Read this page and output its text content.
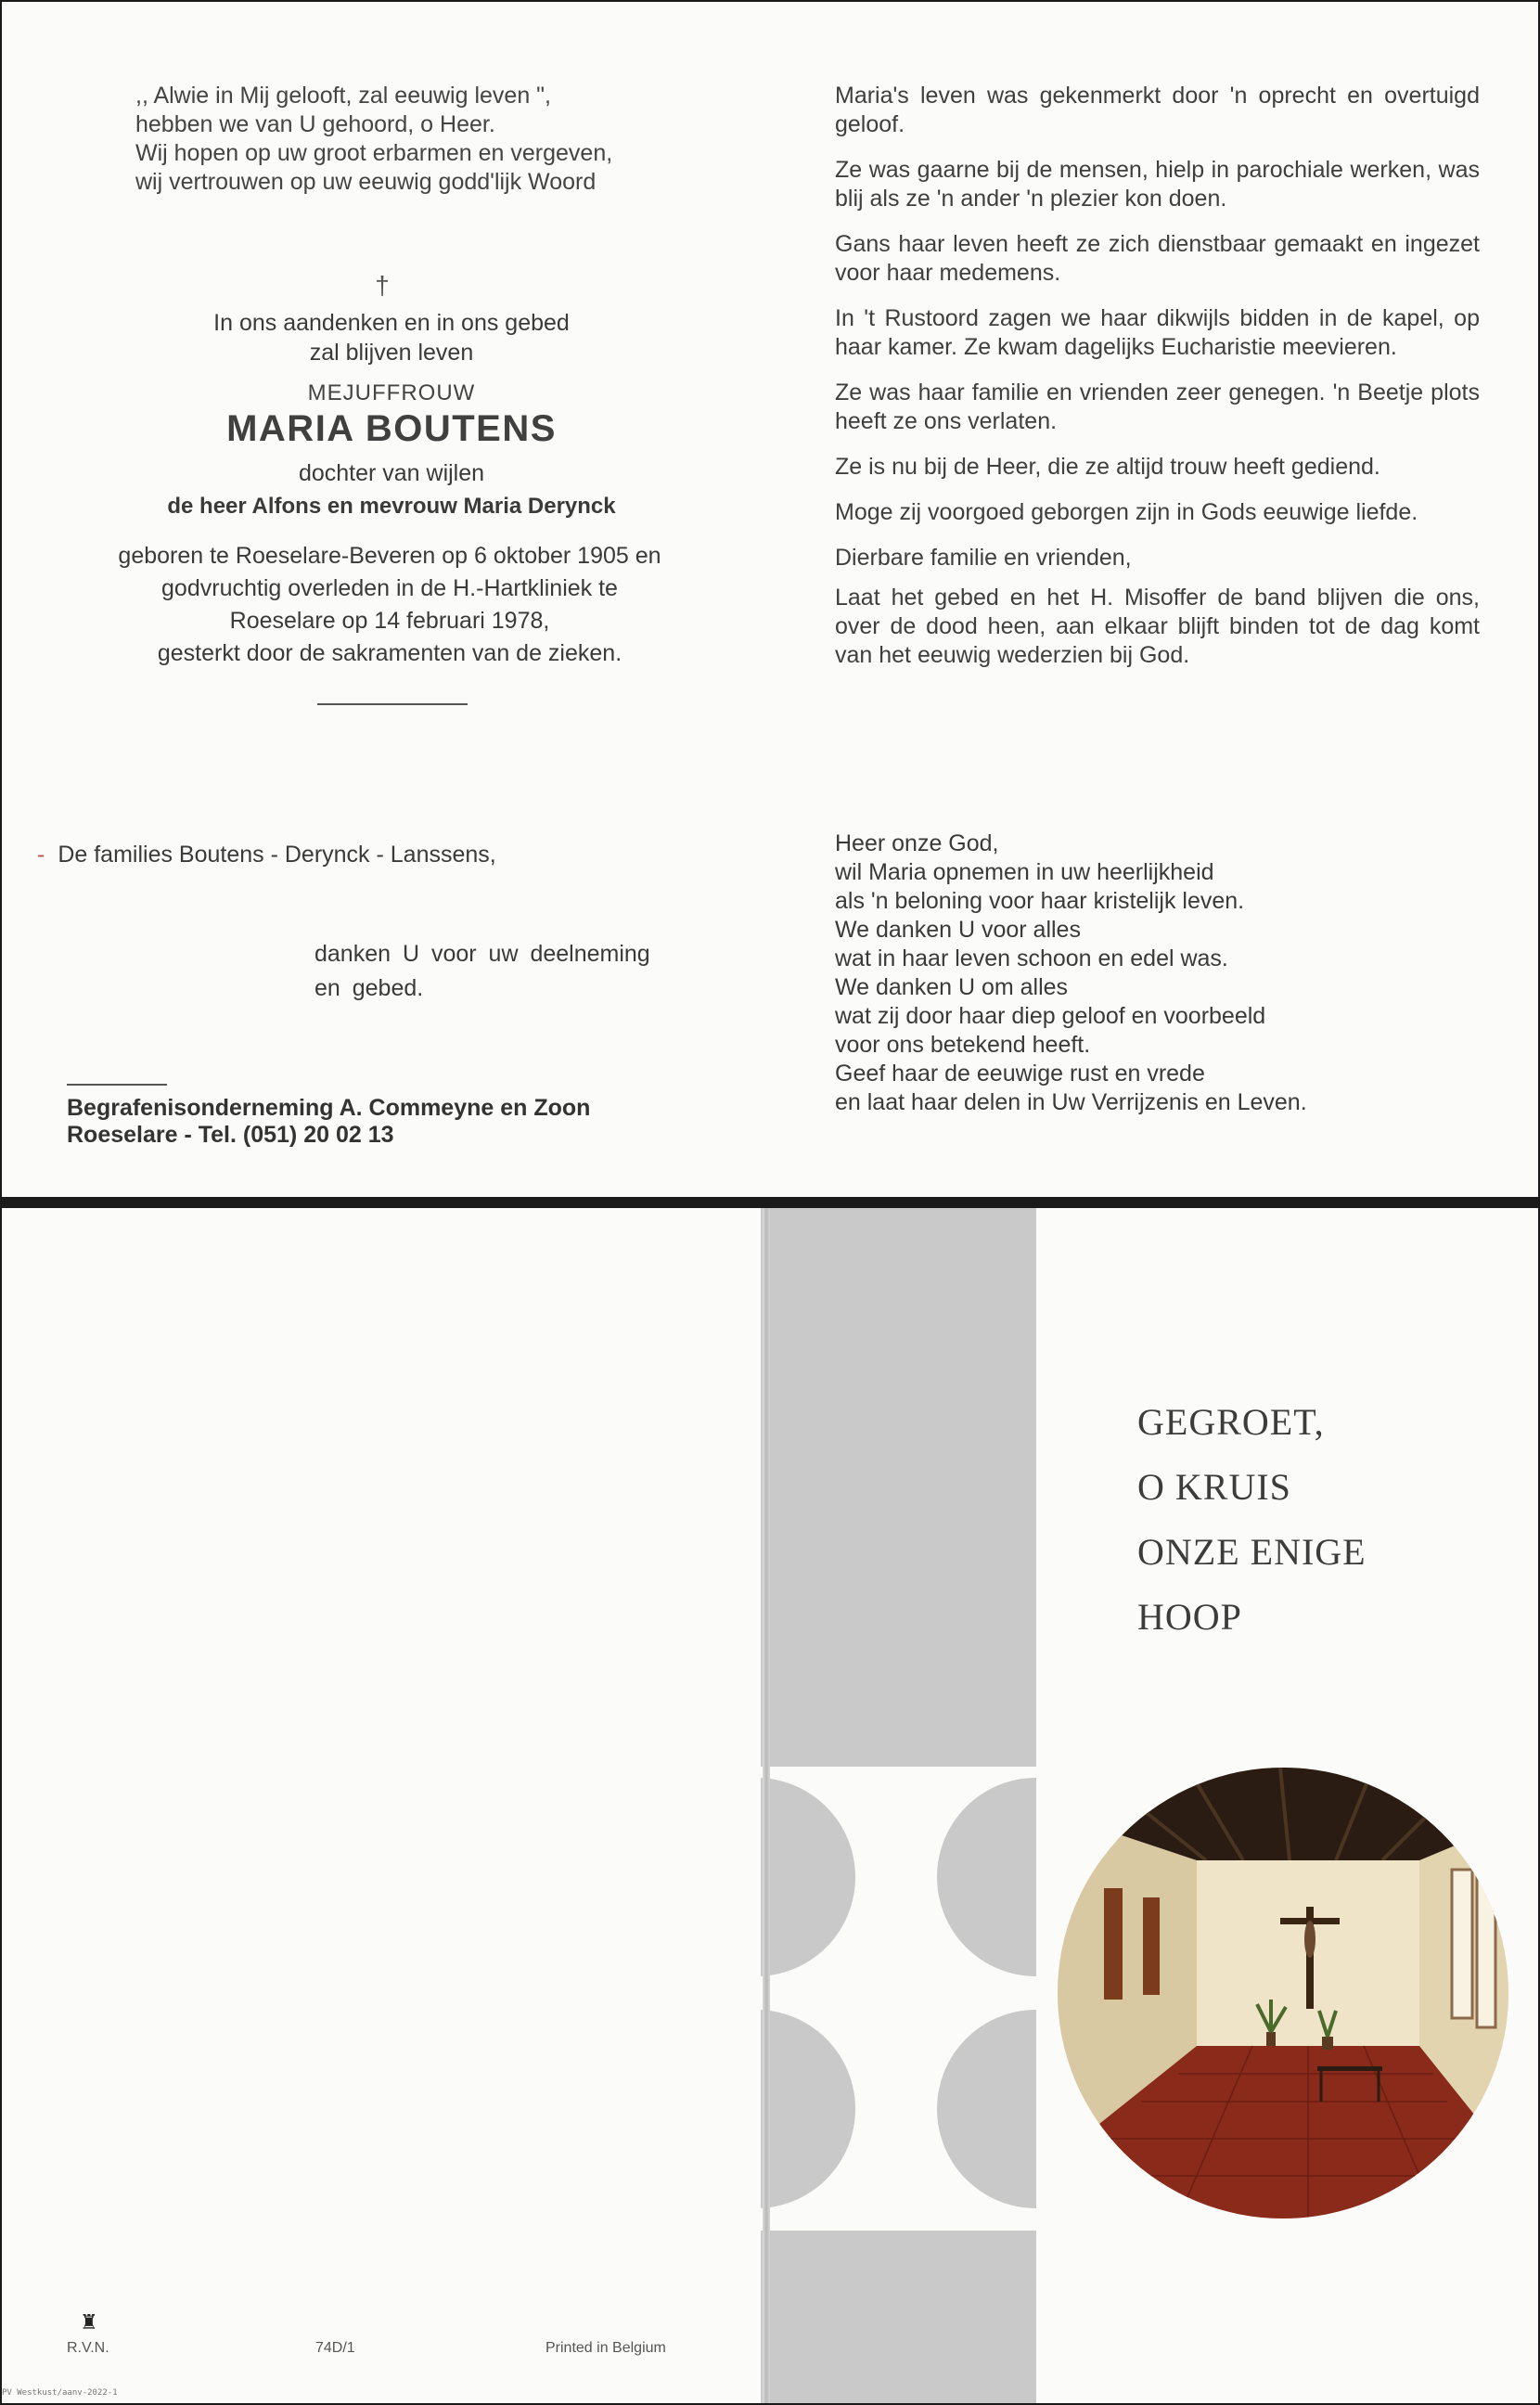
,, Alwie in Mij gelooft, zal eeuwig leven ",
hebben we van U gehoord, o Heer.
Wij hopen op uw groot erbarmen en vergeven,
wij vertrouwen op uw eeuwig godd'lijk Woord
†
In ons aandenken en in ons gebed
zal blijven leven
MEJUFFROUW
MARIA BOUTENS
dochter van wijlen
de heer Alfons en mevrouw Maria Derynck
geboren te Roeselare-Beveren op 6 oktober 1905 en
godvruchtig overleden in de H.-Hartkliniek te
Roeselare op 14 februari 1978,
gesterkt door de sakramenten van de zieken.
- De families Boutens - Derynck - Lanssens,
danken U voor uw deelneming
en gebed.
Begrafenisonderneming A. Commeyne en Zoon
Roeselare - Tel. (051) 20 02 13

Maria's leven was gekenmerkt door 'n oprecht en overtuigd geloof.

Ze was gaarne bij de mensen, hielp in parochiale werken, was blij als ze 'n ander 'n plezier kon doen.

Gans haar leven heeft ze zich dienstbaar gemaakt en ingezet voor haar medemens.

In 't Rustoord zagen we haar dikwijls bidden in de kapel, op haar kamer. Ze kwam dagelijks Eucharistie meevieren.

Ze was haar familie en vrienden zeer genegen. 'n Beetje plots heeft ze ons verlaten.

Ze is nu bij de Heer, die ze altijd trouw heeft gediend.

Moge zij voorgoed geborgen zijn in Gods eeuwige liefde.

Dierbare familie en vrienden,

Laat het gebed en het H. Misoffer de band blijven die ons, over de dood heen, aan elkaar blijft binden tot de dag komt van het eeuwig wederzien bij God.

Heer onze God,
wil Maria opnemen in uw heerlijkheid
als 'n beloning voor haar kristelijk leven.
We danken U voor alles
wat in haar leven schoon en edel was.
We danken U om alles
wat zij door haar diep geloof en voorbeeld
voor ons betekend heeft.
Geef haar de eeuwige rust en vrede
en laat haar delen in Uw Verrijzenis en Leven.
GEGROET,
O KRUIS
ONZE ENIGE
HOOP
♜
R.V.N.	74D/1	Printed in Belgium
PV Westkust/aanv-2022-1
